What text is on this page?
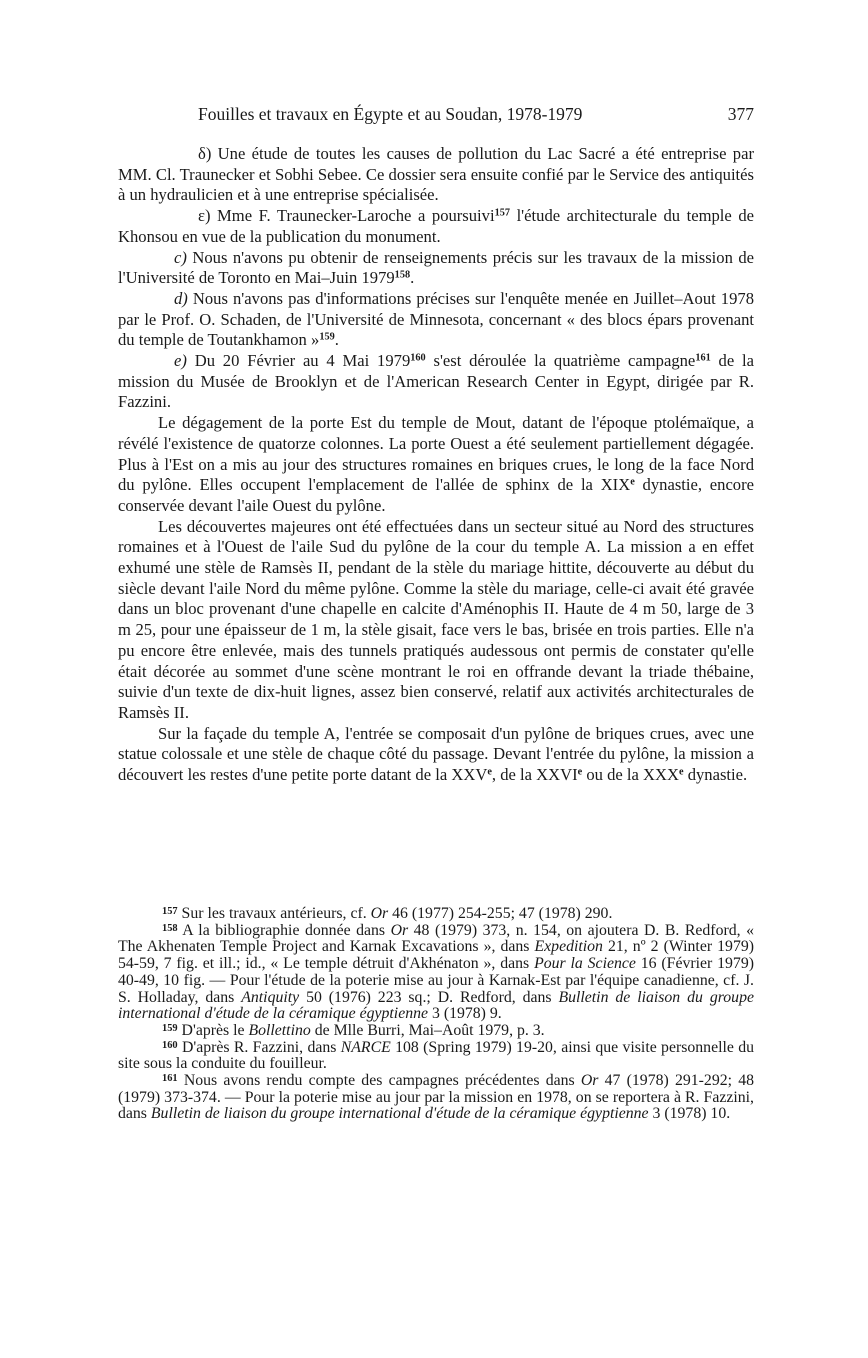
Fouilles et travaux en Égypte et au Soudan, 1978-1979	377

δ) Une étude de toutes les causes de pollution du Lac Sacré a été entreprise par MM. Cl. Traunecker et Sobhi Sebee. Ce dossier sera ensuite confié par le Service des antiquités à un hydraulicien et à une entreprise spécialisée.

ε) Mme F. Traunecker-Laroche a poursuivi$^{157}$ l'étude architecturale du temple de Khonsou en vue de la publication du monument.

c) Nous n'avons pu obtenir de renseignements précis sur les travaux de la mission de l'Université de Toronto en Mai–Juin 1979$^{158}$.

d) Nous n'avons pas d'informations précises sur l'enquête menée en Juillet–Aout 1978 par le Prof. O. Schaden, de l'Université de Minnesota, concernant « des blocs épars provenant du temple de Toutankhamon »$^{159}$.

e) Du 20 Février au 4 Mai 1979$^{160}$ s'est déroulée la quatrième campagne$^{161}$ de la mission du Musée de Brooklyn et de l'American Research Center in Egypt, dirigée par R. Fazzini.

Le dégagement de la porte Est du temple de Mout, datant de l'époque ptolémaïque, a révélé l'existence de quatorze colonnes. La porte Ouest a été seulement partiellement dégagée. Plus à l'Est on a mis au jour des structures romaines en briques crues, le long de la face Nord du pylône. Elles occupent l'emplacement de l'allée de sphinx de la XIXe dynastie, encore conservée devant l'aile Ouest du pylône.

Les découvertes majeures ont été effectuées dans un secteur situé au Nord des structures romaines et à l'Ouest de l'aile Sud du pylône de la cour du temple A. La mission a en effet exhumé une stèle de Ramsès II, pendant de la stèle du mariage hittite, découverte au début du siècle devant l'aile Nord du même pylône. Comme la stèle du mariage, celle-ci avait été gravée dans un bloc provenant d'une chapelle en calcite d'Aménophis II. Haute de 4 m 50, large de 3 m 25, pour une épaisseur de 1 m, la stèle gisait, face vers le bas, brisée en trois parties. Elle n'a pu encore être enlevée, mais des tunnels pratiqués audessous ont permis de constater qu'elle était décorée au sommet d'une scène montrant le roi en offrande devant la triade thébaine, suivie d'un texte de dix-huit lignes, assez bien conservé, relatif aux activités architecturales de Ramsès II.

Sur la façade du temple A, l'entrée se composait d'un pylône de briques crues, avec une statue colossale et une stèle de chaque côté du passage. Devant l'entrée du pylône, la mission a découvert les restes d'une petite porte datant de la XXVe, de la XXVIe ou de la XXXe dynastie.

$^{157}$ Sur les travaux antérieurs, cf. Or 46 (1977) 254-255; 47 (1978) 290.

$^{158}$ A la bibliographie donnée dans Or 48 (1979) 373, n. 154, on ajoutera D. B. Redford, « The Akhenaten Temple Project and Karnak Excavations », dans Expedition 21, nº 2 (Winter 1979) 54-59, 7 fig. et ill.; id., « Le temple détruit d'Akhénaton », dans Pour la Science 16 (Février 1979) 40-49, 10 fig. — Pour l'étude de la poterie mise au jour à Karnak-Est par l'équipe canadienne, cf. J. S. Holladay, dans Antiquity 50 (1976) 223 sq.; D. Redford, dans Bulletin de liaison du groupe international d'étude de la céramique égyptienne 3 (1978) 9.

$^{159}$ D'après le Bollettino de Mlle Burri, Mai–Août 1979, p. 3.

$^{160}$ D'après R. Fazzini, dans NARCE 108 (Spring 1979) 19-20, ainsi que visite personnelle du site sous la conduite du fouilleur.

$^{161}$ Nous avons rendu compte des campagnes précédentes dans Or 47 (1978) 291-292; 48 (1979) 373-374. — Pour la poterie mise au jour par la mission en 1978, on se reportera à R. Fazzini, dans Bulletin de liaison du groupe international d'étude de la céramique égyptienne 3 (1978) 10.
